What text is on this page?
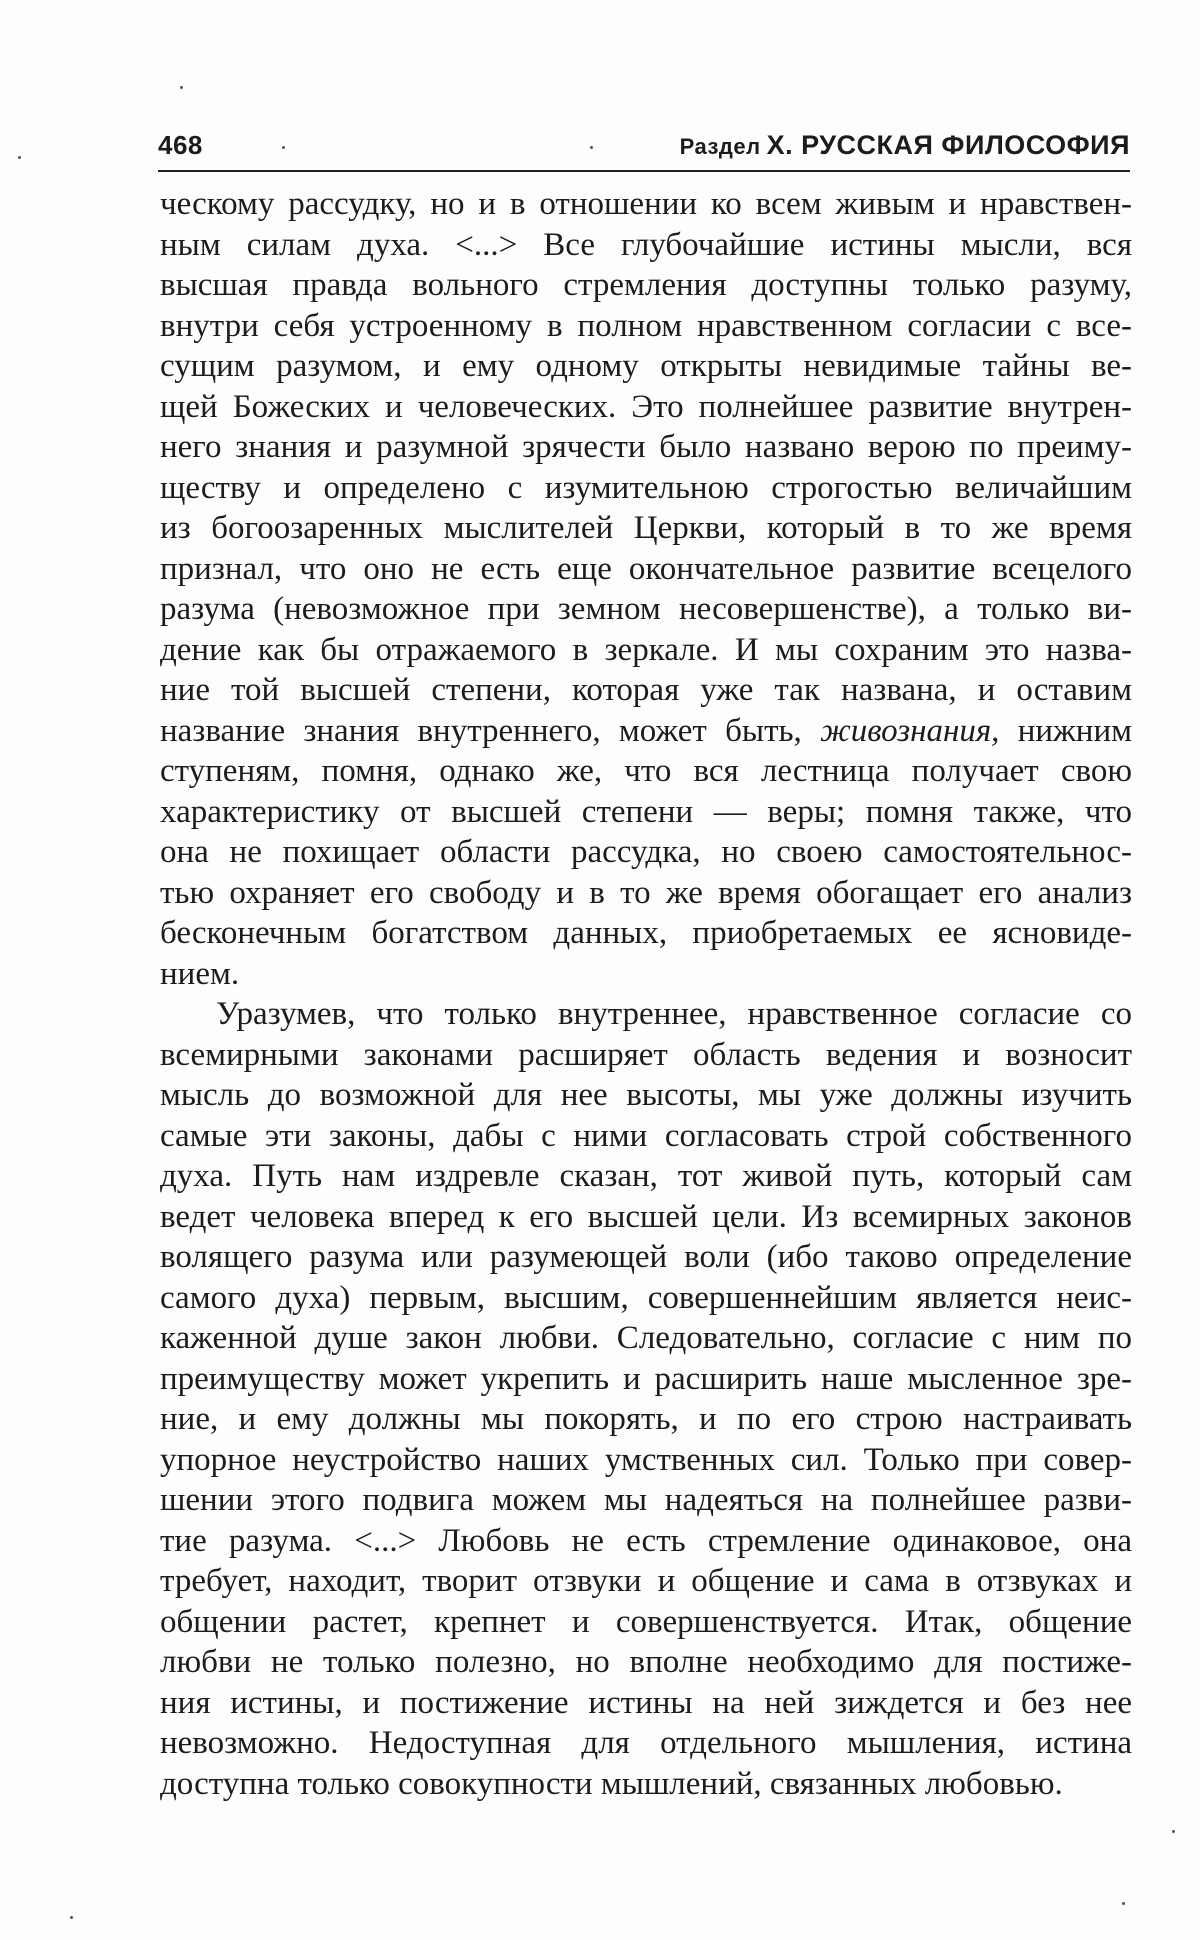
468	Раздел Х. РУССКАЯ ФИЛОСОФИЯ
ческому рассудку, но и в отношении ко всем живым и нравствен-
ным силам духа. <...> Все глубочайшие истины мысли, вся
высшая правда вольного стремления доступны только разуму,
внутри себя устроенному в полном нравственном согласии с все-
сущим разумом, и ему одному открыты невидимые тайны ве-
щей Божеских и человеческих. Это полнейшее развитие внутрен-
него знания и разумной зрячести было названо верою по преиму-
ществу и определено с изумительною строгостью величайшим
из богоозаренных мыслителей Церкви, который в то же время
признал, что оно не есть еще окончательное развитие всецелого
разума (невозможное при земном несовершенстве), а только ви-
дение как бы отражаемого в зеркале. И мы сохраним это назва-
ние той высшей степени, которая уже так названа, и оставим
название знания внутреннего, может быть, живознания, нижним
ступеням, помня, однако же, что вся лестница получает свою
характеристику от высшей степени — веры; помня также, что
она не похищает области рассудка, но своею самостоятельнос-
тью охраняет его свободу и в то же время обогащает его анализ
бесконечным богатством данных, приобретаемых ее ясновиде-
нием.
Уразумев, что только внутреннее, нравственное согласие со
всемирными законами расширяет область ведения и возносит
мысль до возможной для нее высоты, мы уже должны изучить
самые эти законы, дабы с ними согласовать строй собственного
духа. Путь нам издревле сказан, тот живой путь, который сам
ведет человека вперед к его высшей цели. Из всемирных законов
волящего разума или разумеющей воли (ибо таково определение
самого духа) первым, высшим, совершеннейшим является неис-
каженной душе закон любви. Следовательно, согласие с ним по
преимуществу может укрепить и расширить наше мысленное зре-
ние, и ему должны мы покорять, и по его строю настраивать
упорное неустройство наших умственных сил. Только при совер-
шении этого подвига можем мы надеяться на полнейшее разви-
тие разума. <...> Любовь не есть стремление одинаковое, она
требует, находит, творит отзвуки и общение и сама в отзвуках и
общении растет, крепнет и совершенствуется. Итак, общение
любви не только полезно, но вполне необходимо для постиже-
ния истины, и постижение истины на ней зиждется и без нее
невозможно. Недоступная для отдельного мышления, истина
доступна только совокупности мышлений, связанных любовью.
